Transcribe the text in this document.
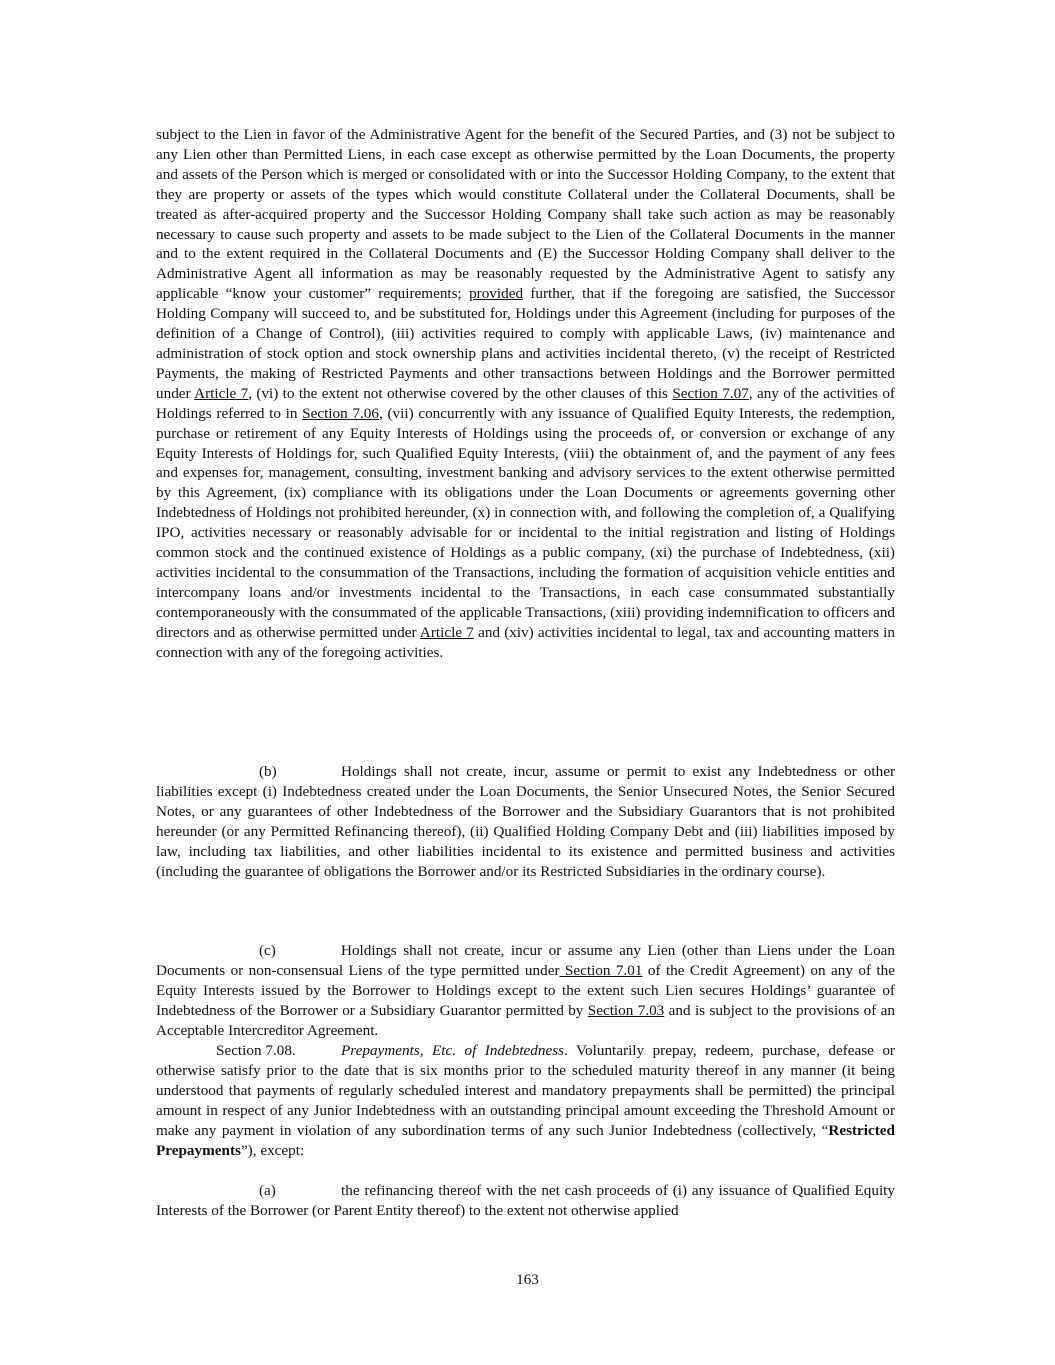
subject to the Lien in favor of the Administrative Agent for the benefit of the Secured Parties, and (3) not be subject to any Lien other than Permitted Liens, in each case except as otherwise permitted by the Loan Documents, the property and assets of the Person which is merged or consolidated with or into the Successor Holding Company, to the extent that they are property or assets of the types which would constitute Collateral under the Collateral Documents, shall be treated as after-acquired property and the Successor Holding Company shall take such action as may be reasonably necessary to cause such property and assets to be made subject to the Lien of the Collateral Documents in the manner and to the extent required in the Collateral Documents and (E) the Successor Holding Company shall deliver to the Administrative Agent all information as may be reasonably requested by the Administrative Agent to satisfy any applicable “know your customer” requirements; provided further, that if the foregoing are satisfied, the Successor Holding Company will succeed to, and be substituted for, Holdings under this Agreement (including for purposes of the definition of a Change of Control), (iii) activities required to comply with applicable Laws, (iv) maintenance and administration of stock option and stock ownership plans and activities incidental thereto, (v) the receipt of Restricted Payments, the making of Restricted Payments and other transactions between Holdings and the Borrower permitted under Article 7, (vi) to the extent not otherwise covered by the other clauses of this Section 7.07, any of the activities of Holdings referred to in Section 7.06, (vii) concurrently with any issuance of Qualified Equity Interests, the redemption, purchase or retirement of any Equity Interests of Holdings using the proceeds of, or conversion or exchange of any Equity Interests of Holdings for, such Qualified Equity Interests, (viii) the obtainment of, and the payment of any fees and expenses for, management, consulting, investment banking and advisory services to the extent otherwise permitted by this Agreement, (ix) compliance with its obligations under the Loan Documents or agreements governing other Indebtedness of Holdings not prohibited hereunder, (x) in connection with, and following the completion of, a Qualifying IPO, activities necessary or reasonably advisable for or incidental to the initial registration and listing of Holdings common stock and the continued existence of Holdings as a public company, (xi) the purchase of Indebtedness, (xii) activities incidental to the consummation of the Transactions, including the formation of acquisition vehicle entities and intercompany loans and/or investments incidental to the Transactions, in each case consummated substantially contemporaneously with the consummated of the applicable Transactions, (xiii) providing indemnification to officers and directors and as otherwise permitted under Article 7 and (xiv) activities incidental to legal, tax and accounting matters in connection with any of the foregoing activities.

(b)	Holdings shall not create, incur, assume or permit to exist any Indebtedness or other liabilities except (i) Indebtedness created under the Loan Documents, the Senior Unsecured Notes, the Senior Secured Notes, or any guarantees of other Indebtedness of the Borrower and the Subsidiary Guarantors that is not prohibited hereunder (or any Permitted Refinancing thereof), (ii) Qualified Holding Company Debt and (iii) liabilities imposed by law, including tax liabilities, and other liabilities incidental to its existence and permitted business and activities (including the guarantee of obligations the Borrower and/or its Restricted Subsidiaries in the ordinary course).

(c)	Holdings shall not create, incur or assume any Lien (other than Liens under the Loan Documents or non-consensual Liens of the type permitted under Section 7.01 of the Credit Agreement) on any of the Equity Interests issued by the Borrower to Holdings except to the extent such Lien secures Holdings’ guarantee of Indebtedness of the Borrower or a Subsidiary Guarantor permitted by Section 7.03 and is subject to the provisions of an Acceptable Intercreditor Agreement.

Section 7.08.	Prepayments, Etc. of Indebtedness. Voluntarily prepay, redeem, purchase, defease or otherwise satisfy prior to the date that is six months prior to the scheduled maturity thereof in any manner (it being understood that payments of regularly scheduled interest and mandatory prepayments shall be permitted) the principal amount in respect of any Junior Indebtedness with an outstanding principal amount exceeding the Threshold Amount or make any payment in violation of any subordination terms of any such Junior Indebtedness (collectively, “Restricted Prepayments”), except:

(a)	the refinancing thereof with the net cash proceeds of (i) any issuance of Qualified Equity Interests of the Borrower (or Parent Entity thereof) to the extent not otherwise applied

163
